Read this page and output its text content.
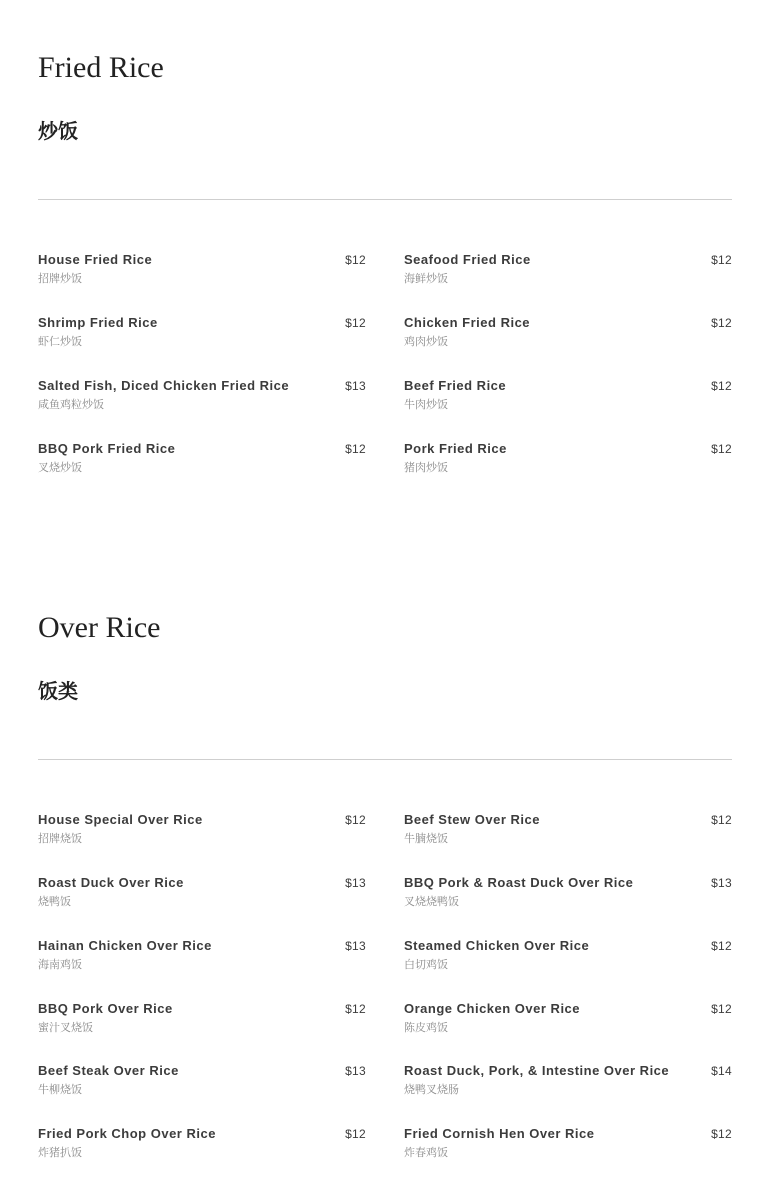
Fried Rice
炒饭
House Fried Rice	$12
招牌炒饭
Seafood Fried Rice	$12
海鲜炒饭
Shrimp Fried Rice	$12
虾仁炒饭
Chicken Fried Rice	$12
鸡肉炒饭
Salted Fish, Diced Chicken Fried Rice	$13
咸鱼鸡粒炒饭
Beef Fried Rice	$12
牛肉炒饭
BBQ Pork Fried Rice	$12
叉烧炒饭
Pork Fried Rice	$12
猪肉炒饭
Over Rice
饭类
House Special Over Rice	$12
招牌烧饭
Beef Stew Over Rice	$12
牛腩烧饭
Roast Duck Over Rice	$13
烧鸭饭
BBQ Pork & Roast Duck Over Rice	$13
叉烧烧鸭饭
Hainan Chicken Over Rice	$13
海南鸡饭
Steamed Chicken Over Rice	$12
白切鸡饭
BBQ Pork Over Rice	$12
蜜汁叉烧饭
Orange Chicken Over Rice	$12
陈皮鸡饭
Beef Steak Over Rice	$13
牛柳烧饭
Roast Duck, Pork, & Intestine Over Rice	$14
烧鸭叉烧肠
Fried Pork Chop Over Rice	$12
炸猪扒饭
Fried Cornish Hen Over Rice	$12
炸春鸡饭
